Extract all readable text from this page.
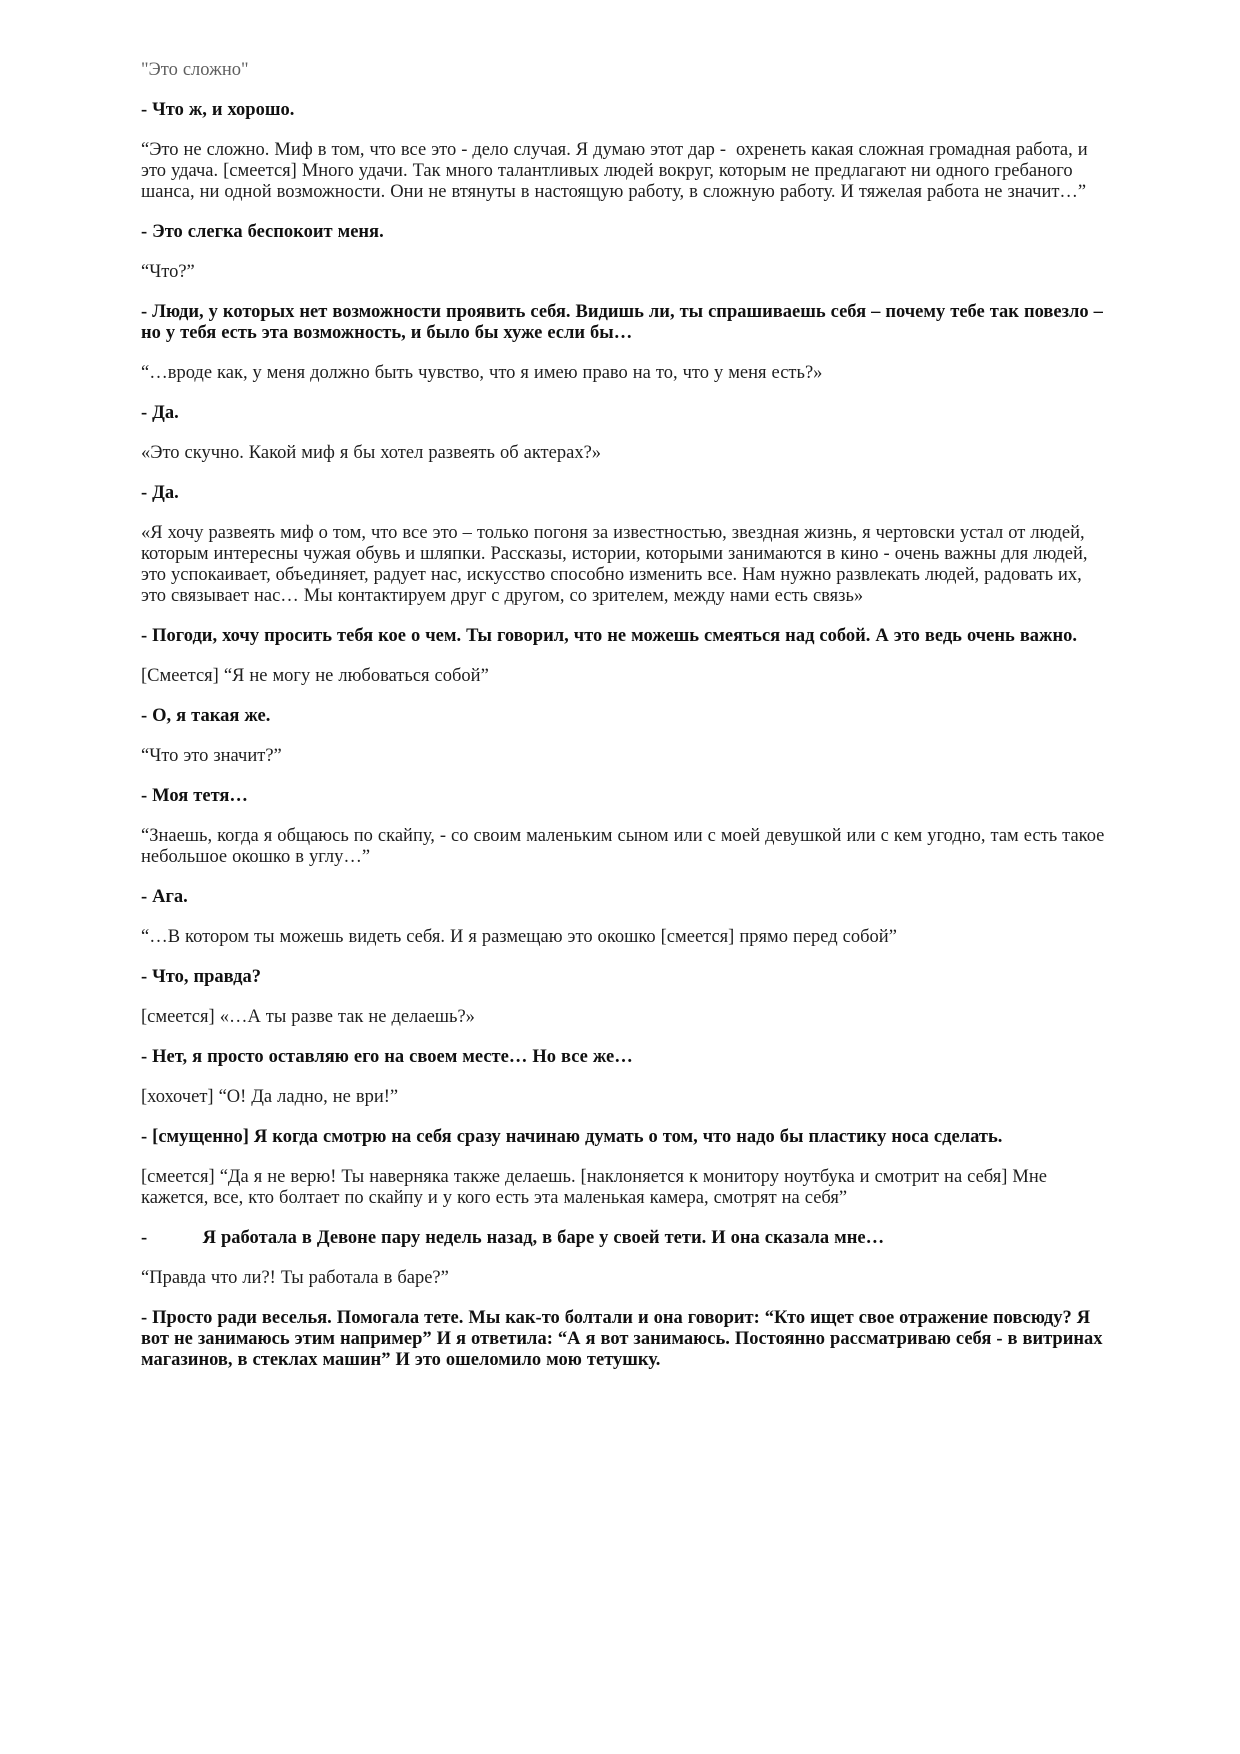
"Это сложно"

- Что ж, и хорошо.

“Это не сложно. Миф в том, что все это - дело случая. Я думаю этот дар -  охренеть какая сложная громадная работа, и это удача. [смеется] Много удачи. Так много талантливых людей вокруг, которым не предлагают ни одного гребаного шанса, ни одной возможности. Они не втянуты в настоящую работу, в сложную работу. И тяжелая работа не значит…”

- Это слегка беспокоит меня.

“Что?”

- Люди, у которых нет возможности проявить себя. Видишь ли, ты спрашиваешь себя – почему тебе так повезло – но у тебя есть эта возможность, и было бы хуже если бы…

“…вроде как, у меня должно быть чувство, что я имею право на то, что у меня есть?»

- Да.

«Это скучно. Какой миф я бы хотел развеять об актерах?»

- Да.

«Я хочу развеять миф о том, что все это – только погоня за известностью, звездная жизнь, я чертовски устал от людей, которым интересны чужая обувь и шляпки. Рассказы, истории, которыми занимаются в кино - очень важны для людей, это успокаивает, объединяет, радует нас, искусство способно изменить все. Нам нужно развлекать людей, радовать их, это связывает нас… Мы контактируем друг с другом, со зрителем, между нами есть связь»

- Погоди, хочу просить тебя кое о чем. Ты говорил, что не можешь смеяться над собой. А это ведь очень важно.

[Смеется] “Я не могу не любоваться собой”

- О, я такая же.

“Что это значит?”

- Моя тетя…

“Знаешь, когда я общаюсь по скайпу, - со своим маленьким сыном или с моей девушкой или с кем угодно, там есть такое небольшое окошко в углу…”

- Ага.

“…В котором ты можешь видеть себя. И я размещаю это окошко [смеется] прямо перед собой”

- Что, правда?

[смеется] «…А ты разве так не делаешь?»

- Нет, я просто оставляю его на своем месте… Но все же…

[хохочет] “О! Да ладно, не ври!”

- [смущенно] Я когда смотрю на себя сразу начинаю думать о том, что надо бы пластику носа сделать.

[смеется] “Да я не верю! Ты наверняка также делаешь. [наклоняется к монитору ноутбука и смотрит на себя] Мне кажется, все, кто болтает по скайпу и у кого есть эта маленькая камера, смотрят на себя”

-   Я работала в Девоне пару недель назад, в баре у своей тети. И она сказала мне…

“Правда что ли?! Ты работала в баре?”

- Просто ради веселья. Помогала тете. Мы как-то болтали и она говорит: “Кто ищет свое отражение повсюду? Я вот не занимаюсь этим например” И я ответила: “А я вот занимаюсь. Постоянно рассматриваю себя - в витринах магазинов, в стеклах машин” И это ошеломило мою тетушку.
